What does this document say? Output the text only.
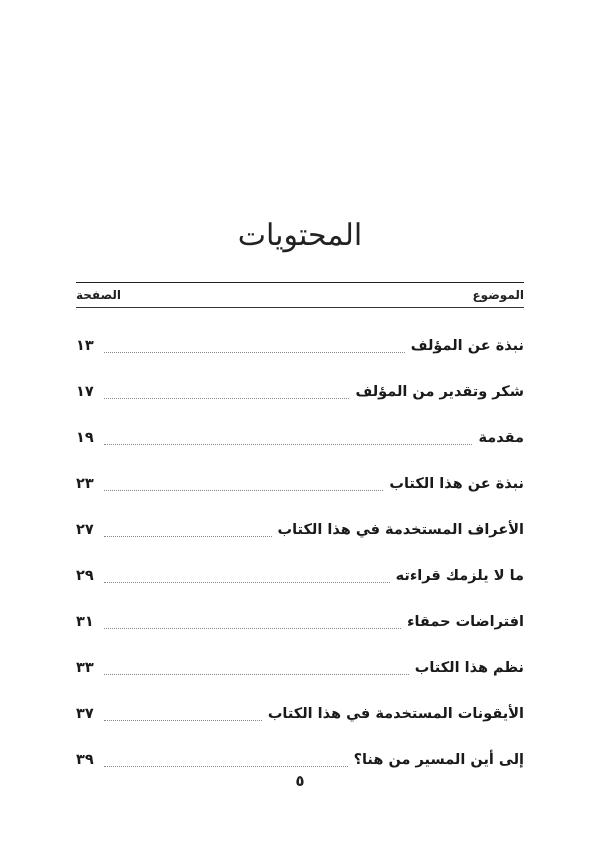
المحتويات
الموضوع
الصفحة
نبذة عن المؤلف
١٣
شكر وتقدير من المؤلف
١٧
مقدمة
١٩
نبذة عن هذا الكتاب
٢٣
الأعراف المستخدمة في هذا الكتاب
٢٧
ما لا يلزمك قراءته
٢٩
افتراضات حمقاء
٣١
نظم هذا الكتاب
٣٣
الأيقونات المستخدمة في هذا الكتاب
٣٧
إلى أين المسير من هنا؟
٣٩
٥
